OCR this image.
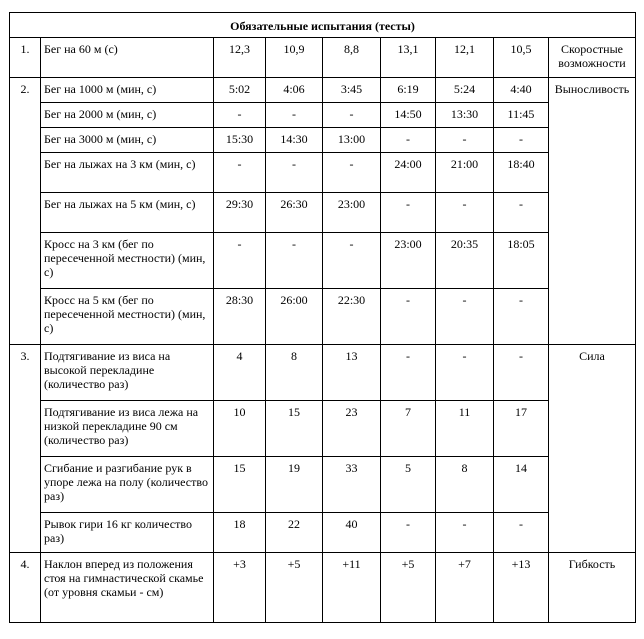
Обязательные испытания (тесты)								
1.	Бег на 60 м (с)	12,3	10,9	8,8	13,1	12,1	10,5	Скоростные возможности
2.	Бег на 1000 м (мин, с)	5:02	4:06	3:45	6:19	5:24	4:40	Выносливость
	Бег на 2000 м (мин, с)	-	-	-	14:50	13:30	11:45	
	Бег на 3000 м (мин, с)	15:30	14:30	13:00	-	-	-	
	Бег на лыжах на 3 км (мин, с)	-	-	-	24:00	21:00	18:40	
	Бег на лыжах на 5 км (мин, с)	29:30	26:30	23:00	-	-	-	
	Кросс на 3 км (бег по пересеченной местности) (мин, с)	-	-	-	23:00	20:35	18:05	
	Кросс на 5 км (бег по пересеченной местности) (мин, с)	28:30	26:00	22:30	-	-	-	
3.	Подтягивание из виса на высокой перекладине (количество раз)	4	8	13	-	-	-	Сила
	Подтягивание из виса лежа на низкой перекладине 90 см (количество раз)	10	15	23	7	11	17	
	Сгибание и разгибание рук в упоре лежа на полу (количество раз)	15	19	33	5	8	14	
	Рывок гири 16 кг количество раз)	18	22	40	-	-	-	
4.	Наклон вперед из положения стоя на гимнастической скамье (от уровня скамьи - см)	+3	+5	+11	+5	+7	+13	Гибкость
